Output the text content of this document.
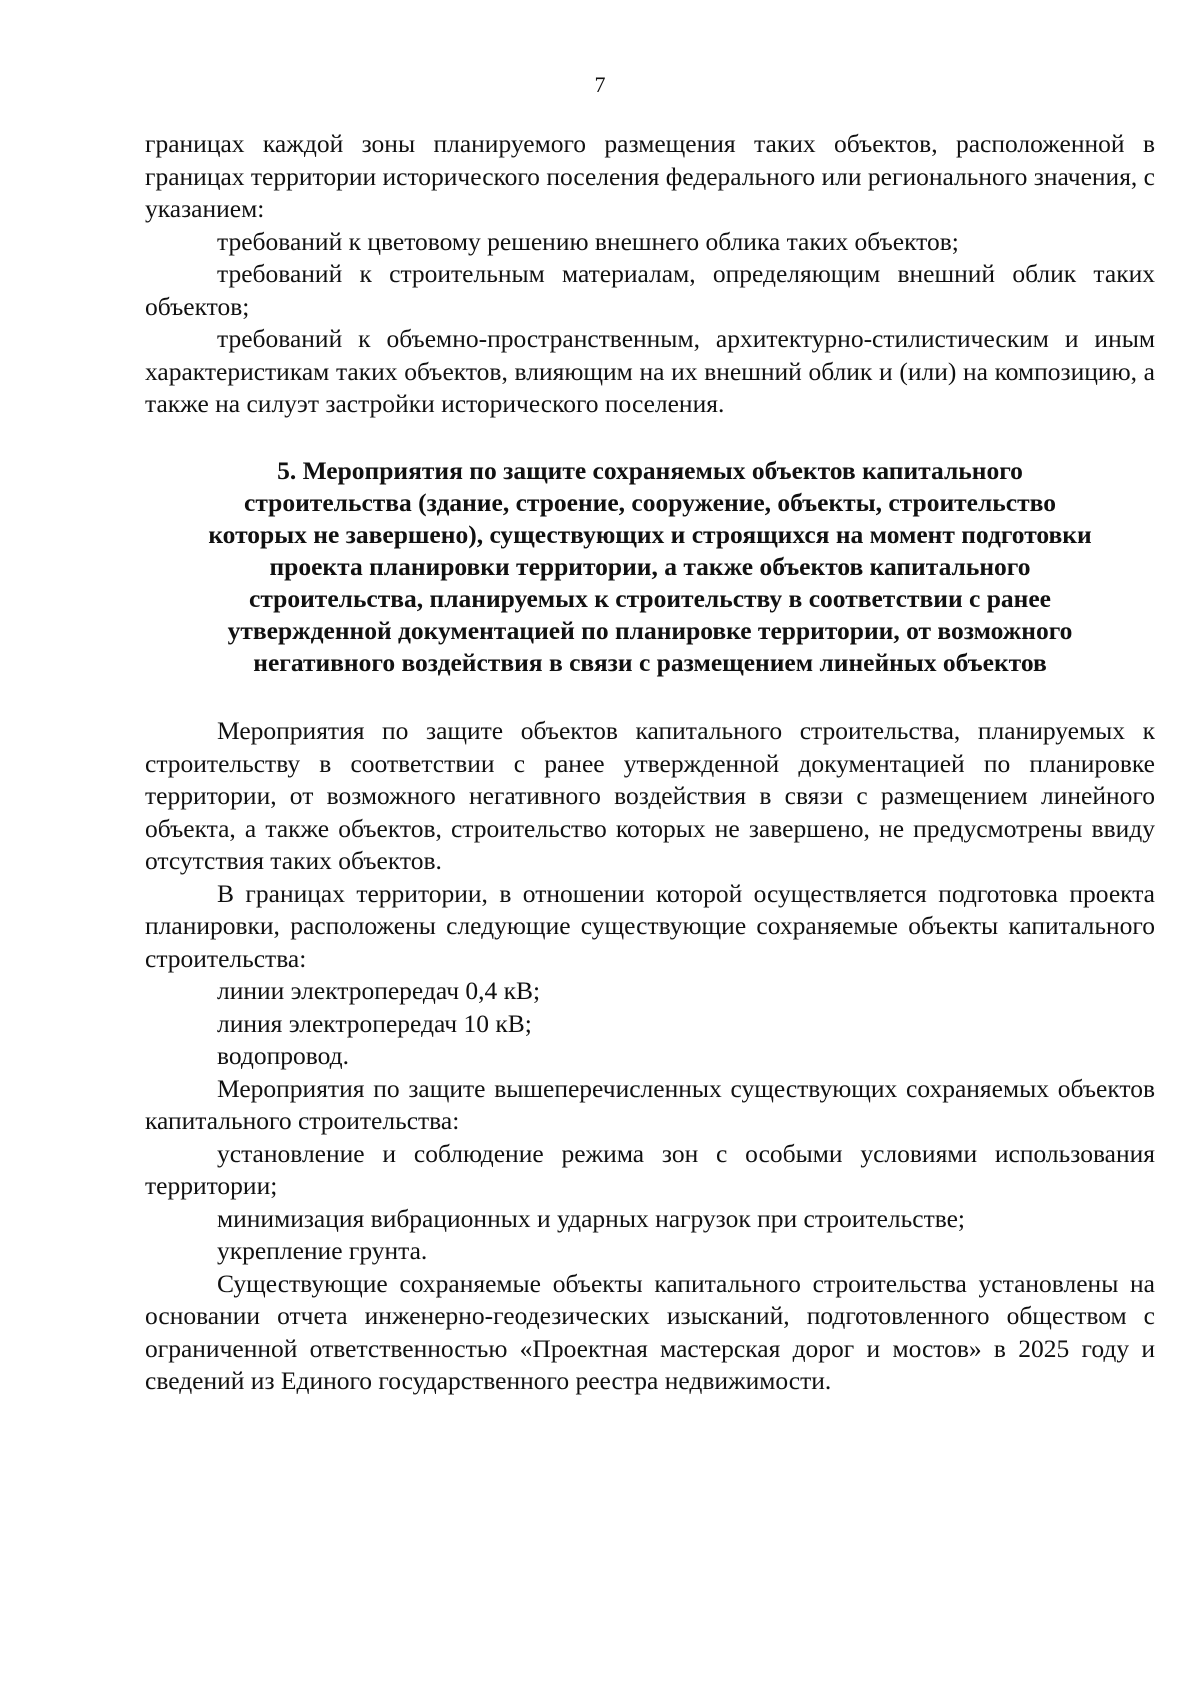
7

границах каждой зоны планируемого размещения таких объектов, расположенной в границах территории исторического поселения федерального или регионального значения, с указанием:

требований к цветовому решению внешнего облика таких объектов;

требований к строительным материалам, определяющим внешний облик таких объектов;

требований к объемно-пространственным, архитектурно-стилистическим и иным характеристикам таких объектов, влияющим на их внешний облик и (или) на композицию, а также на силуэт застройки исторического поселения.

5. Мероприятия по защите сохраняемых объектов капитального
строительства (здание, строение, сооружение, объекты, строительство
которых не завершено), существующих и строящихся на момент подготовки
проекта планировки территории, а также объектов капитального
строительства, планируемых к строительству в соответствии с ранее
утвержденной документацией по планировке территории, от возможного
негативного воздействия в связи с размещением линейных объектов

Мероприятия по защите объектов капитального строительства, планируемых к строительству в соответствии с ранее утвержденной документацией по планировке территории, от возможного негативного воздействия в связи с размещением линейного объекта, а также объектов, строительство которых не завершено, не предусмотрены ввиду отсутствия таких объектов.

В границах территории, в отношении которой осуществляется подготовка проекта планировки, расположены следующие существующие сохраняемые объекты капитального строительства:

линии электропередач 0,4 кВ;

линия электропередач 10 кВ;

водопровод.

Мероприятия по защите вышеперечисленных существующих сохраняемых объектов капитального строительства:

установление и соблюдение режима зон с особыми условиями использования территории;

минимизация вибрационных и ударных нагрузок при строительстве;

укрепление грунта.

Существующие сохраняемые объекты капитального строительства установлены на основании отчета инженерно-геодезических изысканий, подготовленного обществом с ограниченной ответственностью «Проектная мастерская дорог и мостов» в 2025 году и сведений из Единого государственного реестра недвижимости.
